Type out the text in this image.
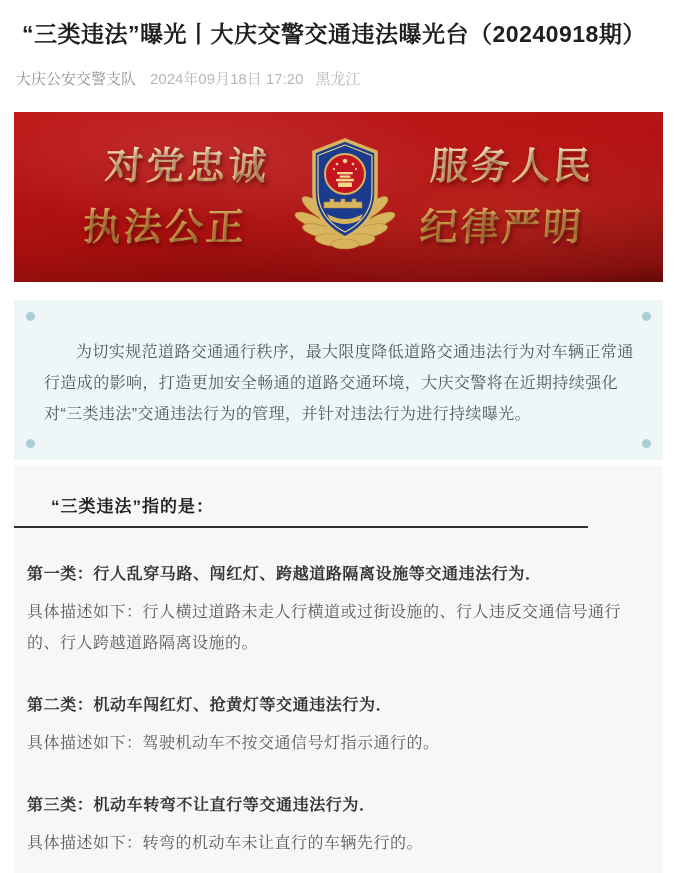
“三类违法”曝光丨大庆交警交通违法曝光台（20240918期）
大庆公安交警支队 2024年09月18日 17:20 黑龙江
对党忠诚
执法公正
服务人民
纪律严明

为切实规范道路交通通行秩序，最大限度降低道路交通违法行为对车辆正常通行造成的影响，打造更加安全畅通的道路交通环境，大庆交警将在近期持续强化对“三类违法”交通违法行为的管理，并针对违法行为进行持续曝光。

“三类违法”指的是：
第一类：行人乱穿马路、闯红灯、跨越道路隔离设施等交通违法行为．
具体描述如下：行人横过道路未走人行横道或过街设施的、行人违反交通信号通行的、行人跨越道路隔离设施的。
第二类：机动车闯红灯、抢黄灯等交通违法行为．
具体描述如下：驾驶机动车不按交通信号灯指示通行的。
第三类：机动车转弯不让直行等交通违法行为．
具体描述如下：转弯的机动车未让直行的车辆先行的。
